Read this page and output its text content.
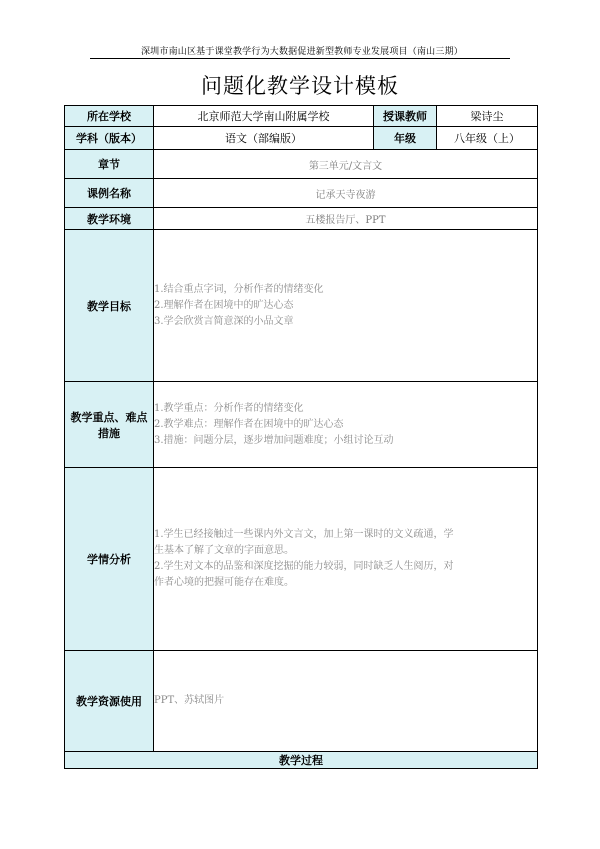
深圳市南山区基于课堂教学行为大数据促进新型教师专业发展项目（南山三期）
问题化教学设计模板
所在学校	北京师范大学南山附属学校	授课教师	梁诗尘
学科（版本）	语文（部编版）	年级	八年级（上）
章节	第三单元/文言文		
课例名称	记承天寺夜游		
教学环境	五楼报告厅、PPT		
教学目标	1.结合重点字词，分析作者的情绪变化
2.理解作者在困境中的旷达心态
3.学会欣赏言简意深的小品文章		

教学重点、难点
措施	1.教学重点：分析作者的情绪变化
2.教学难点：理解作者在困境中的旷达心态
3.措施：问题分层，逐步增加问题难度；小组讨论互动		

学情分析	1.学生已经接触过一些课内外文言文，加上第一课时的文义疏通，学
生基本了解了文章的字面意思。
2.学生对文本的品鉴和深度挖掘的能力较弱，同时缺乏人生阅历，对
作者心境的把握可能存在难度。		

教学资源使用	PPT、苏轼图片		
教学过程			
